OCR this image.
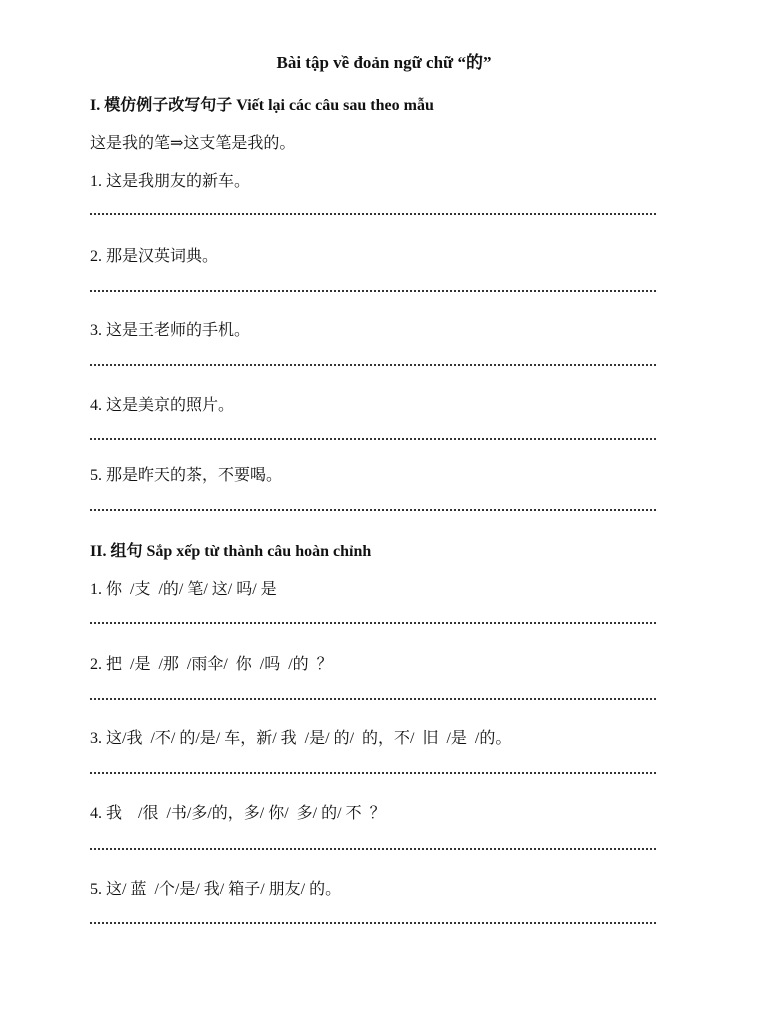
Bài tập về đoản ngữ chữ “的”
I. 模仿例子改写句子 Viết lại các câu sau theo mẫu
这是我的笔⇒这支笔是我的。
1. 这是我朋友的新车。
2. 那是汉英词典。
3. 这是王老师的手机。
4. 这是美京的照片。
5. 那是昨天的茶，不要喝。
II. 组句 Sắp xếp từ thành câu hoàn chỉnh
1. 你  /支  /的/ 笔/ 这/ 吗/ 是
2. 把  /是  /那  /雨伞/  你  /吗  /的  ？
3. 这/我  /不/ 的/是/ 车，新/ 我  /是/ 的/  的，不/  旧  /是  /的。
4. 我    /很  /书/多/的，多/ 你/  多/ 的/ 不  ？
5. 这/ 蓝  /个/是/ 我/ 箱子/ 朋友/ 的。
